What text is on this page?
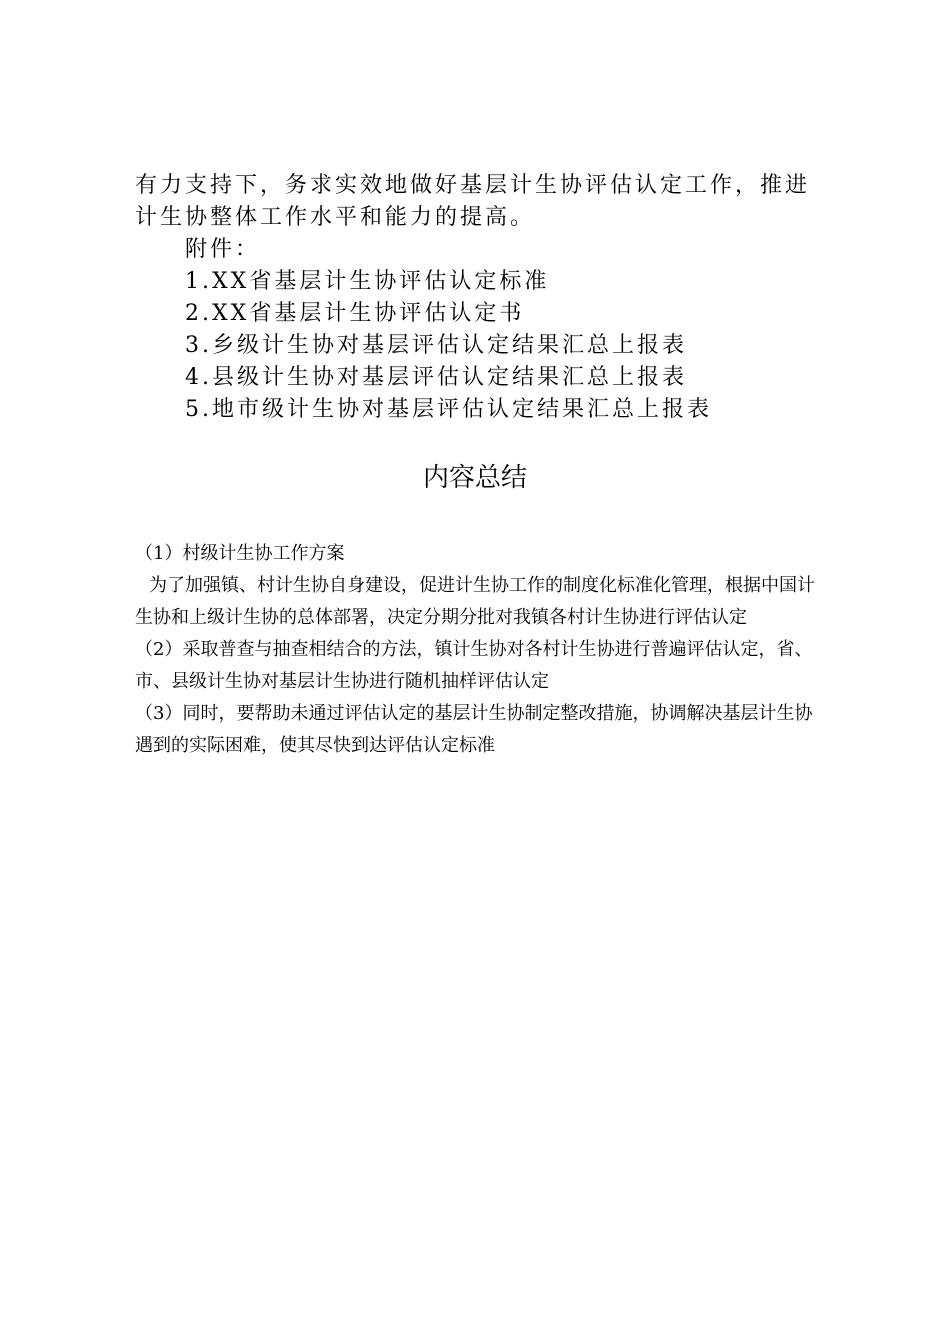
有力支持下，务求实效地做好基层计生协评估认定工作，推进计生协整体工作水平和能力的提高。

附件：

1.XX省基层计生协评估认定标准

2.XX省基层计生协评估认定书

3.乡级计生协对基层评估认定结果汇总上报表

4.县级计生协对基层评估认定结果汇总上报表

5.地市级计生协对基层评估认定结果汇总上报表

内容总结

（1）村级计生协工作方案

为了加强镇、村计生协自身建设，促进计生协工作的制度化标准化管理，根据中国计生协和上级计生协的总体部署，决定分期分批对我镇各村计生协进行评估认定

（2）采取普查与抽查相结合的方法，镇计生协对各村计生协进行普遍评估认定，省、市、县级计生协对基层计生协进行随机抽样评估认定

（3）同时，要帮助未通过评估认定的基层计生协制定整改措施，协调解决基层计生协遇到的实际困难，使其尽快到达评估认定标准
